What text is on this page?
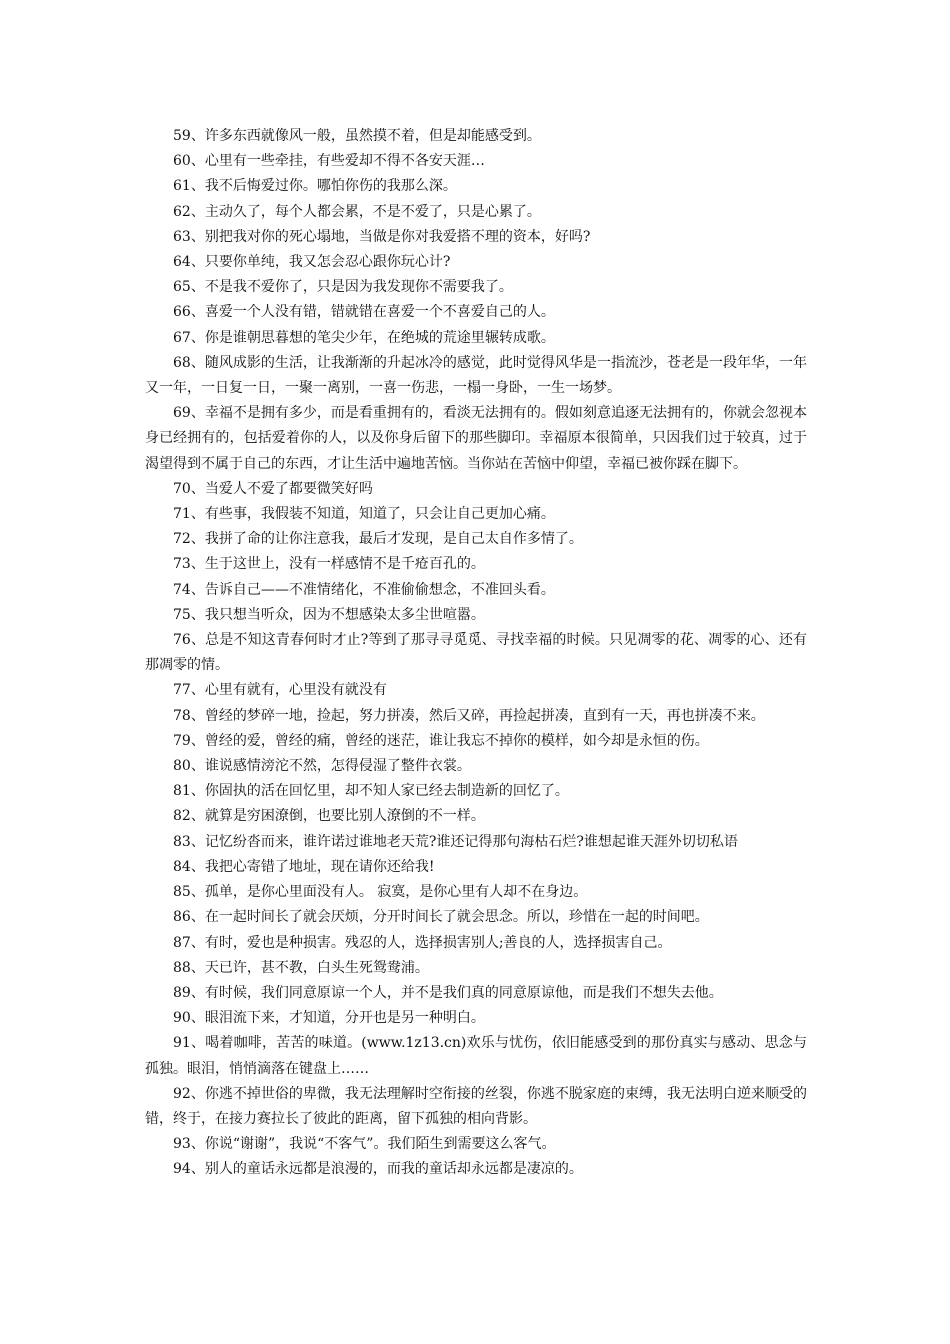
59、许多东西就像风一般，虽然摸不着，但是却能感受到。

60、心里有一些牵挂，有些爱却不得不各安天涯…

61、我不后悔爱过你。哪怕你伤的我那么深。

62、主动久了，每个人都会累，不是不爱了，只是心累了。

63、别把我对你的死心塌地，当做是你对我爱搭不理的资本，好吗?

64、只要你单纯，我又怎会忍心跟你玩心计?

65、不是我不爱你了，只是因为我发现你不需要我了。

66、喜爱一个人没有错，错就错在喜爱一个不喜爱自己的人。

67、你是谁朝思暮想的笔尖少年，在绝城的荒途里辗转成歌。

68、随风成影的生活，让我渐渐的升起冰冷的感觉，此时觉得风华是一指流沙，苍老是一段年华，一年又一年，一日复一日，一聚一离别，一喜一伤悲，一榻一身卧，一生一场梦。

69、幸福不是拥有多少，而是看重拥有的，看淡无法拥有的。假如刻意追逐无法拥有的，你就会忽视本身已经拥有的，包括爱着你的人，以及你身后留下的那些脚印。幸福原本很简单，只因我们过于较真，过于渴望得到不属于自己的东西，才让生活中遍地苦恼。当你站在苦恼中仰望，幸福已被你踩在脚下。

70、当爱人不爱了都要微笑好吗

71、有些事，我假装不知道，知道了，只会让自己更加心痛。

72、我拼了命的让你注意我，最后才发现，是自己太自作多情了。

73、生于这世上，没有一样感情不是千疮百孔的。

74、告诉自己——不准情绪化，不准偷偷想念，不准回头看。

75、我只想当听众，因为不想感染太多尘世喧嚣。

76、总是不知这青春何时才止?等到了那寻寻觅觅、寻找幸福的时候。只见凋零的花、凋零的心、还有那凋零的情。

77、心里有就有，心里没有就没有

78、曾经的梦碎一地，捡起，努力拼凑，然后又碎，再捡起拼凑，直到有一天，再也拼凑不来。

79、曾经的爱，曾经的痛，曾经的迷茫，谁让我忘不掉你的模样，如今却是永恒的伤。

80、谁说感情滂沱不然，怎得侵湿了整件衣裳。

81、你固执的活在回忆里，却不知人家已经去制造新的回忆了。

82、就算是穷困潦倒，也要比别人潦倒的不一样。

83、记忆纷沓而来，谁许诺过谁地老天荒?谁还记得那句海枯石烂?谁想起谁天涯外切切私语

84、我把心寄错了地址，现在请你还给我!

85、孤单，是你心里面没有人。 寂寞，是你心里有人却不在身边。

86、在一起时间长了就会厌烦，分开时间长了就会思念。所以，珍惜在一起的时间吧。

87、有时，爱也是种损害。残忍的人，选择损害别人;善良的人，选择损害自己。

88、天已许，甚不教，白头生死鸳鸯浦。

89、有时候，我们同意原谅一个人，并不是我们真的同意原谅他，而是我们不想失去他。

90、眼泪流下来，才知道，分开也是另一种明白。

91、喝着咖啡，苦苦的味道。(www.1z13.cn)欢乐与忧伤，依旧能感受到的那份真实与感动、思念与孤独。眼泪，悄悄滴落在键盘上……

92、你逃不掉世俗的卑微，我无法理解时空衔接的丝裂，你逃不脱家庭的束缚，我无法明白逆来顺受的错，终于，在接力赛拉长了彼此的距离，留下孤独的相向背影。

93、你说“谢谢”，我说“不客气”。我们陌生到需要这么客气。

94、别人的童话永远都是浪漫的，而我的童话却永远都是凄凉的。
